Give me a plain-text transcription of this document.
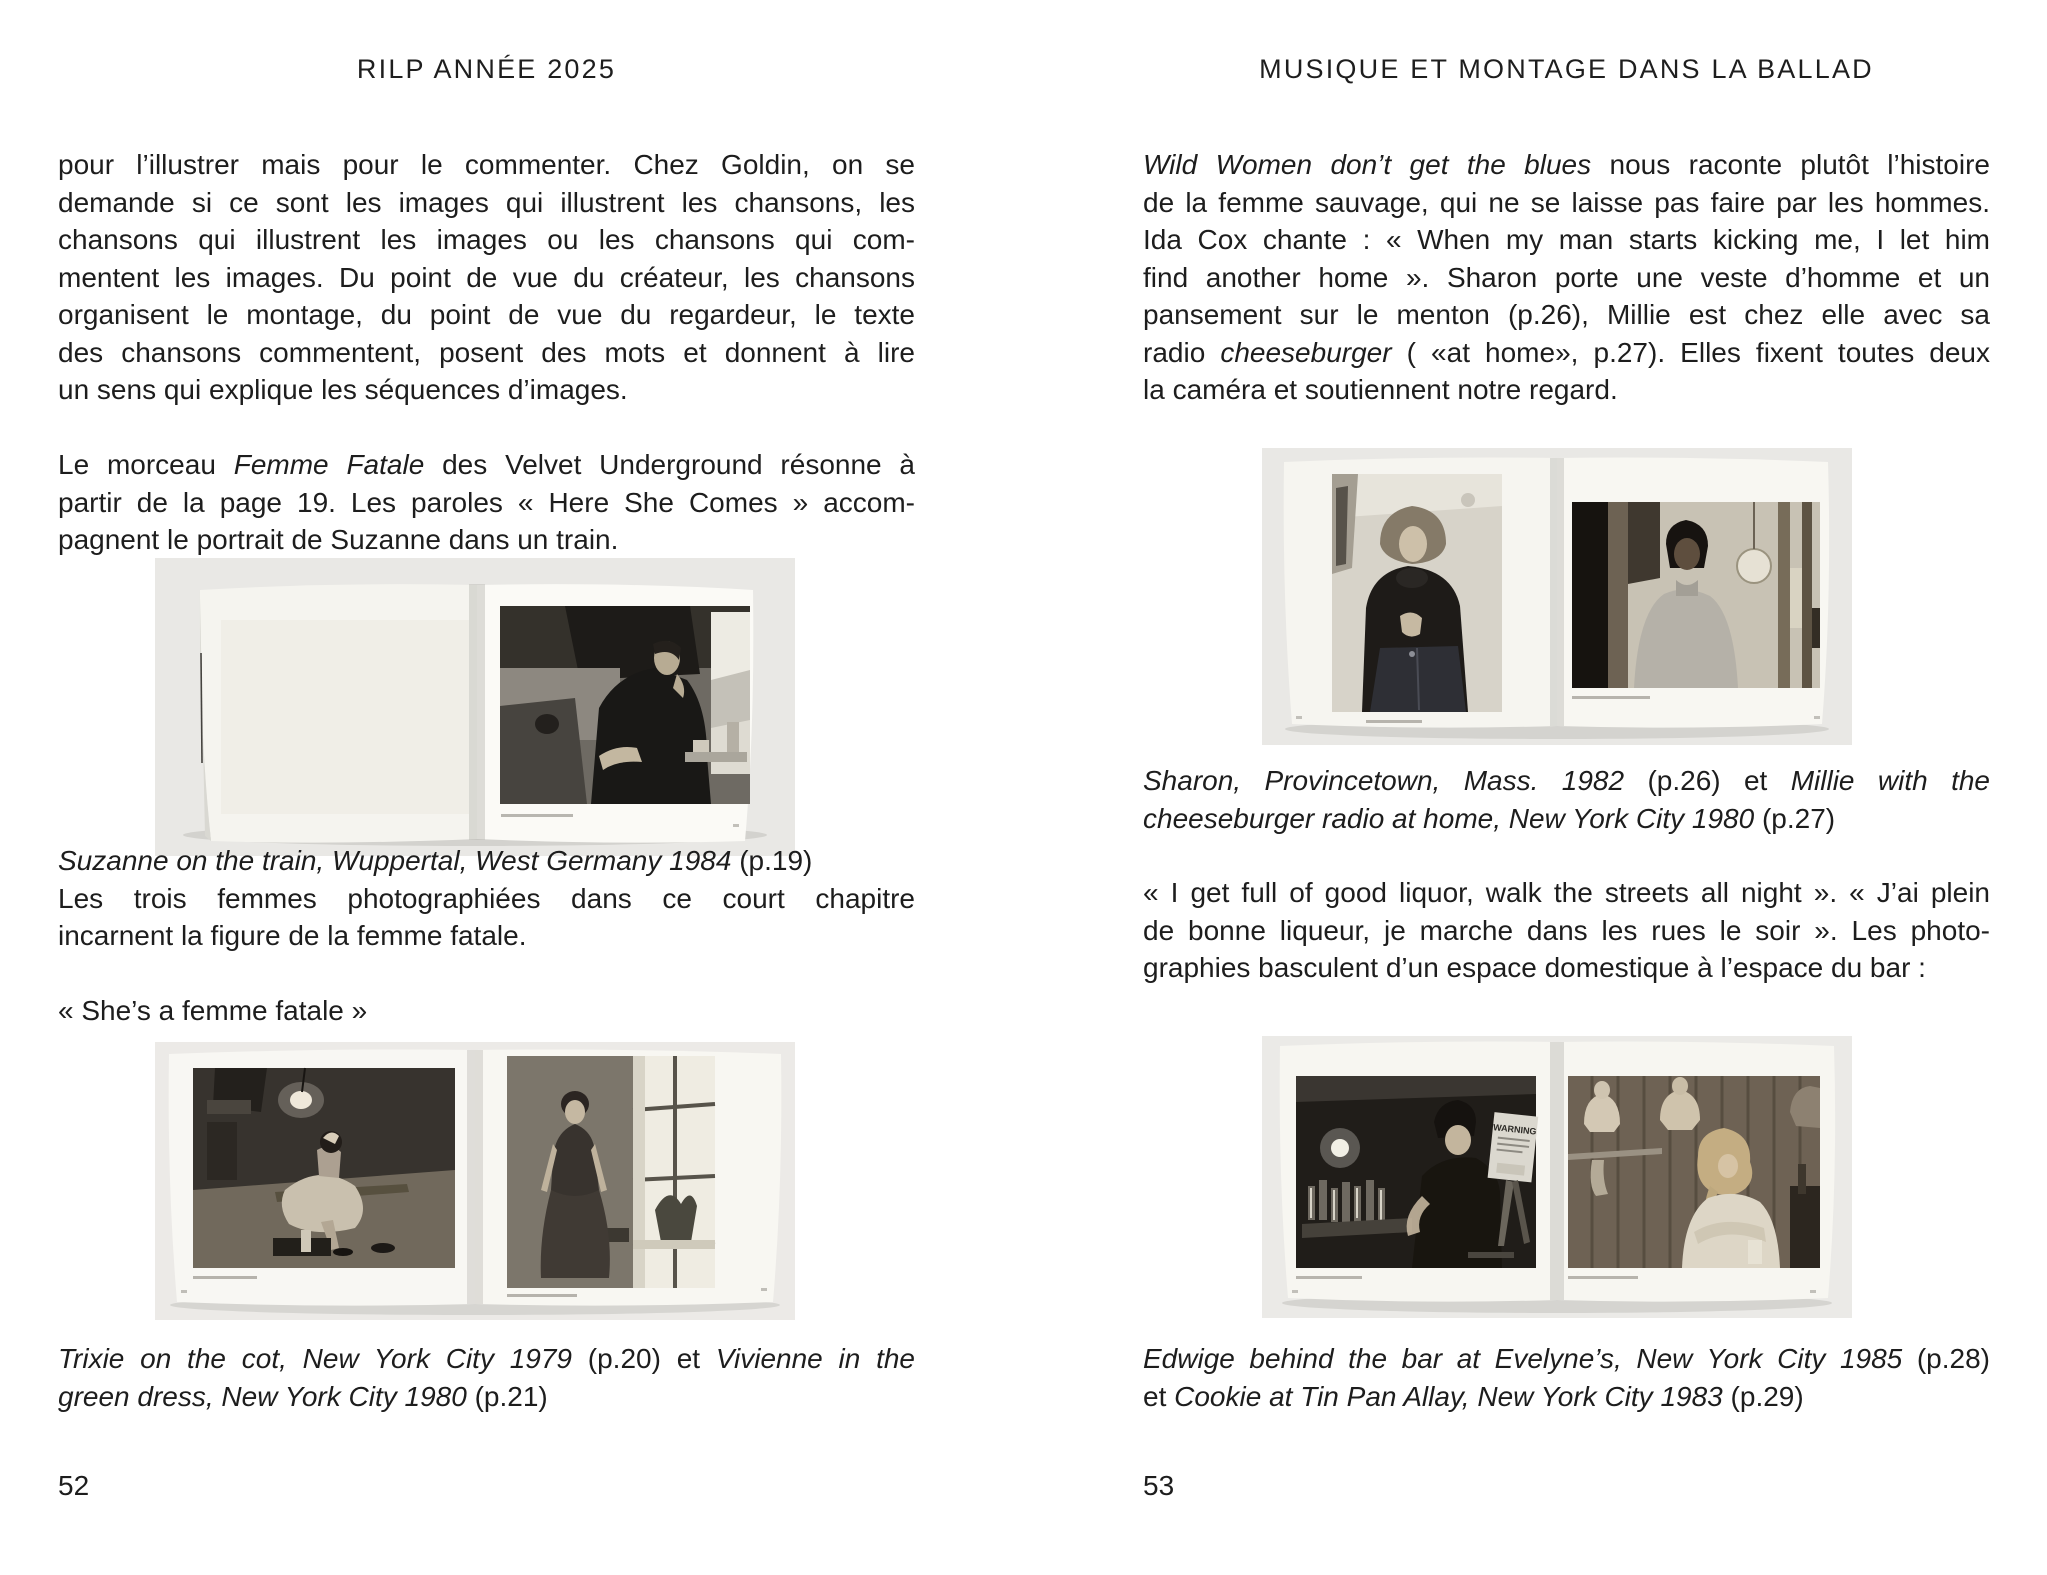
RILP ANNÉE 2025
pour l’illustrer mais pour le commenter. Chez Goldin, on se
demande si ce sont les images qui illustrent les chansons, les
chansons qui illustrent les images ou les chansons qui com-
mentent les images. Du point de vue du créateur, les chansons
organisent le montage, du point de vue du regardeur, le texte
des chansons commentent, posent des mots et donnent à lire
un sens qui explique les séquences d’images.
Le morceau Femme Fatale des Velvet Underground résonne à
partir de la page 19. Les paroles « Here She Comes » accom-
pagnent le portrait de Suzanne dans un train.
Suzanne on the train, Wuppertal, West Germany 1984 (p.19)
Les trois femmes photographiées dans ce court chapitre
incarnent la figure de la femme fatale.
« She’s a femme fatale »
Trixie on the cot, New York City 1979 (p.20) et Vivienne in the
green dress, New York City 1980 (p.21)
52
MUSIQUE ET MONTAGE DANS LA BALLAD
Wild Women don’t get the blues nous raconte plutôt l’histoire
de la femme sauvage, qui ne se laisse pas faire par les hommes.
Ida Cox chante : « When my man starts kicking me, I let him
find another home ». Sharon porte une veste d’homme et un
pansement sur le menton (p.26), Millie est chez elle avec sa
radio cheeseburger ( «at home», p.27). Elles fixent toutes deux
la caméra et soutiennent notre regard.
Sharon, Provincetown, Mass. 1982 (p.26) et Millie with the
cheeseburger radio at home, New York City 1980 (p.27)
« I get full of good liquor, walk the streets all night ». « J’ai plein
de bonne liqueur, je marche dans les rues le soir ». Les photo-
graphies basculent d’un espace domestique à l’espace du bar :
WARNING
Edwige behind the bar at Evelyne’s, New York City 1985 (p.28)
et Cookie at Tin Pan Allay, New York City 1983 (p.29)
53
